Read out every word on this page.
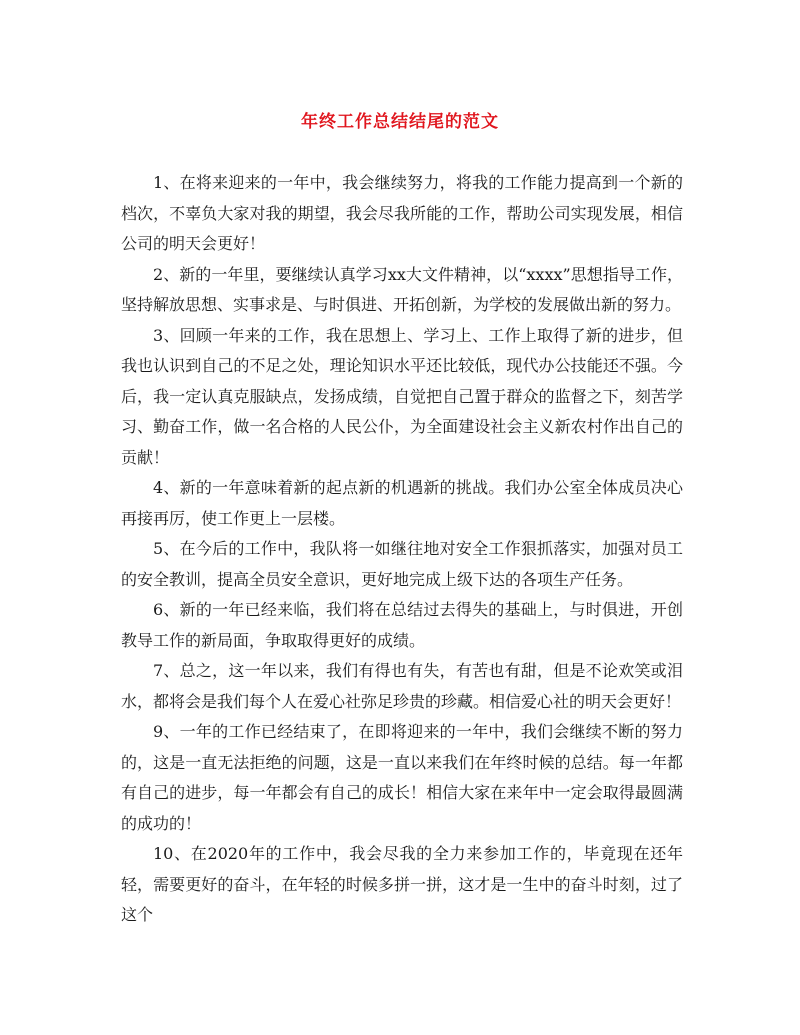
年终工作总结结尾的范文

1、在将来迎来的一年中，我会继续努力，将我的工作能力提高到一个新的档次，不辜负大家对我的期望，我会尽我所能的工作，帮助公司实现发展，相信公司的明天会更好！

2、新的一年里，要继续认真学习xx大文件精神，以“xxxx”思想指导工作，坚持解放思想、实事求是、与时俱进、开拓创新，为学校的发展做出新的努力。

3、回顾一年来的工作，我在思想上、学习上、工作上取得了新的进步，但我也认识到自己的不足之处，理论知识水平还比较低，现代办公技能还不强。今后，我一定认真克服缺点，发扬成绩，自觉把自己置于群众的监督之下，刻苦学习、勤奋工作，做一名合格的人民公仆，为全面建设社会主义新农村作出自己的贡献！

4、新的一年意味着新的起点新的机遇新的挑战。我们办公室全体成员决心再接再厉，使工作更上一层楼。

5、在今后的工作中，我队将一如继往地对安全工作狠抓落实，加强对员工的安全教训，提高全员安全意识，更好地完成上级下达的各项生产任务。

6、新的一年已经来临，我们将在总结过去得失的基础上，与时俱进，开创教导工作的新局面，争取取得更好的成绩。

7、总之，这一年以来，我们有得也有失，有苦也有甜，但是不论欢笑或泪水，都将会是我们每个人在爱心社弥足珍贵的珍藏。相信爱心社的明天会更好！

9、一年的工作已经结束了，在即将迎来的一年中，我们会继续不断的努力的，这是一直无法拒绝的问题，这是一直以来我们在年终时候的总结。每一年都有自己的进步，每一年都会有自己的成长！相信大家在来年中一定会取得最圆满的成功的！

10、在2020年的工作中，我会尽我的全力来参加工作的，毕竟现在还年轻，需要更好的奋斗，在年轻的时候多拼一拼，这才是一生中的奋斗时刻，过了这个
